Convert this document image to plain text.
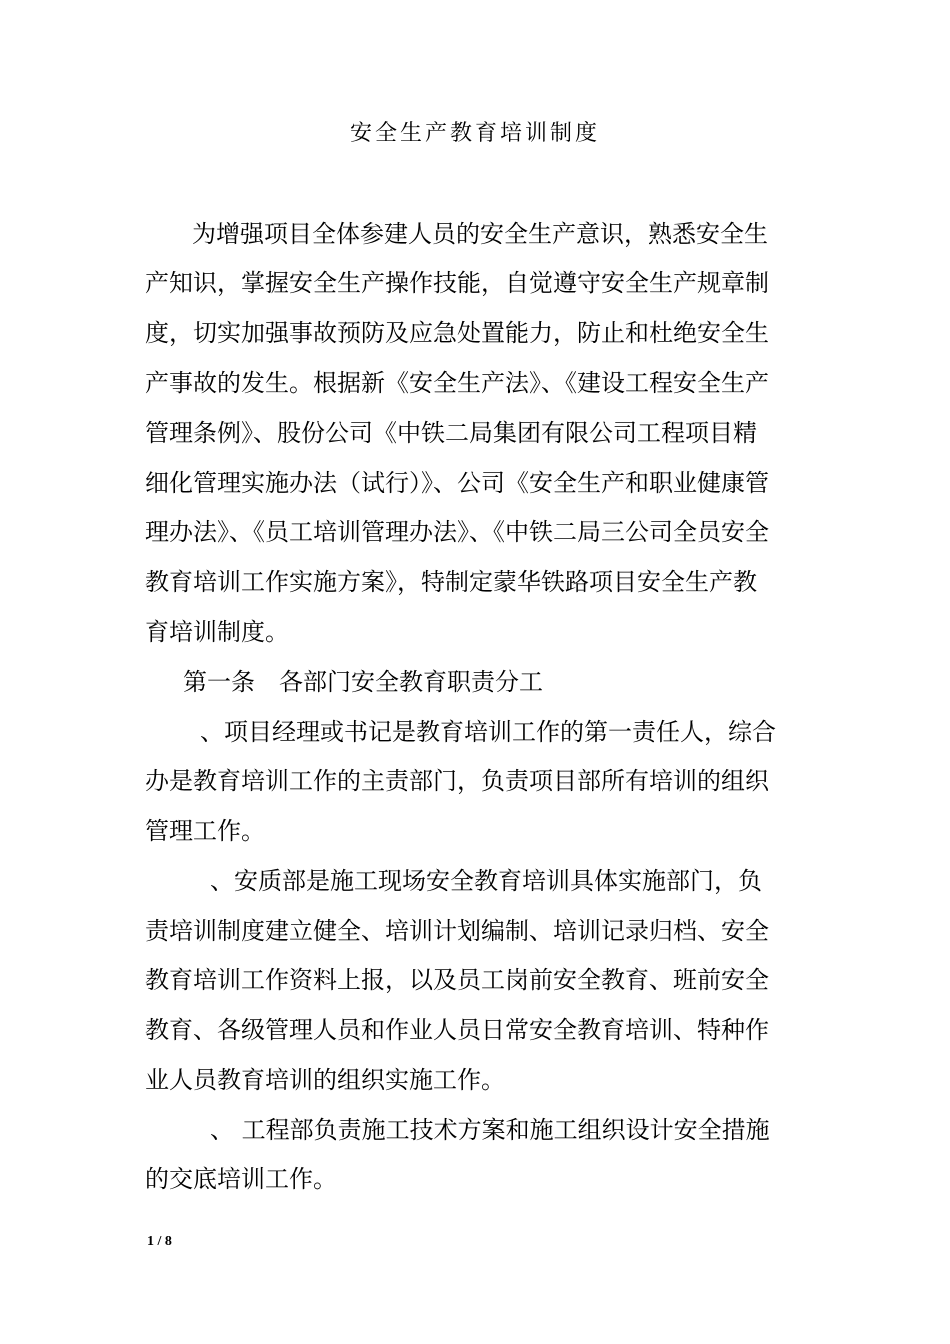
安全生产教育培训制度
为增强项目全体参建人员的安全生产意识，熟悉安全生
产知识，掌握安全生产操作技能，自觉遵守安全生产规章制
度，切实加强事故预防及应急处置能力，防止和杜绝安全生
产事故的发生。根据新《安全生产法》、《建设工程安全生产
管理条例》、股份公司《中铁二局集团有限公司工程项目精
细化管理实施办法（试行）》、公司《安全生产和职业健康管
理办法》、《员工培训管理办法》、《中铁二局三公司全员安全
教育培训工作实施方案》，特制定蒙华铁路项目安全生产教
育培训制度。
第一条　各部门安全教育职责分工
、项目经理或书记是教育培训工作的第一责任人，综合
办是教育培训工作的主责部门，负责项目部所有培训的组织
管理工作。
、安质部是施工现场安全教育培训具体实施部门，负
责培训制度建立健全、培训计划编制、培训记录归档、安全
教育培训工作资料上报，以及员工岗前安全教育、班前安全
教育、各级管理人员和作业人员日常安全教育培训、特种作
业人员教育培训的组织实施工作。
、 工程部负责施工技术方案和施工组织设计安全措施
的交底培训工作。
1 / 8
